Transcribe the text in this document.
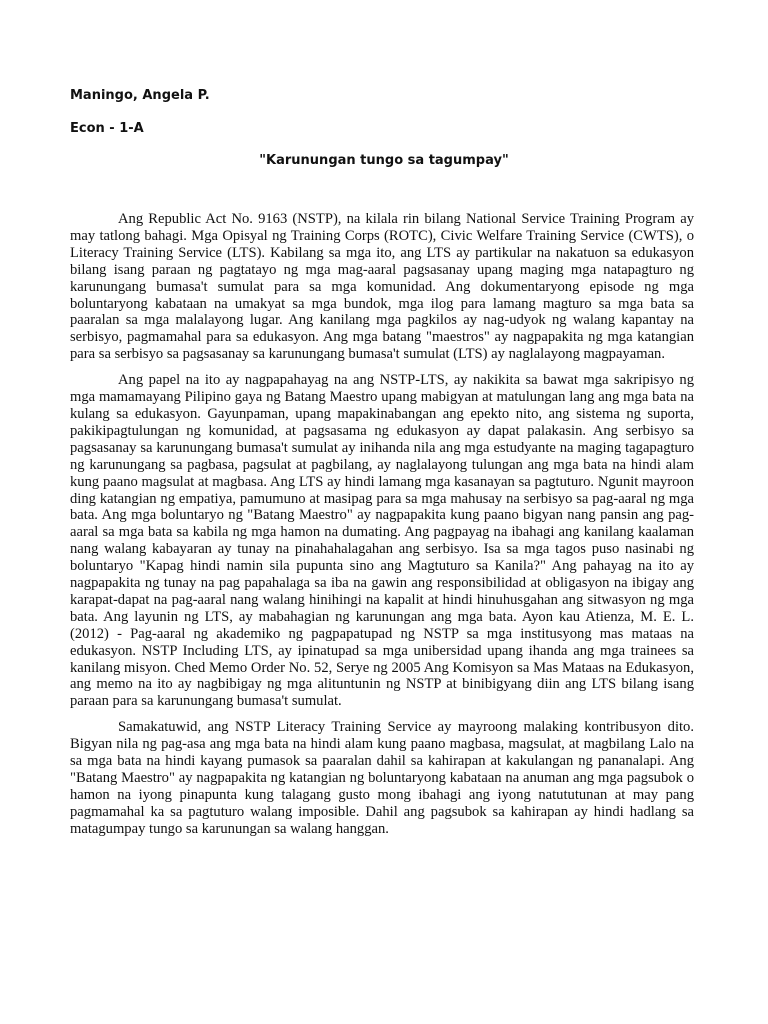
Maningo, Angela P.
Econ - 1-A
"Karunungan tungo sa tagumpay"

Ang Republic Act No. 9163 (NSTP), na kilala rin bilang National Service Training Program ay may tatlong bahagi. Mga Opisyal ng Training Corps (ROTC), Civic Welfare Training Service (CWTS), o Literacy Training Service (LTS). Kabilang sa mga ito, ang LTS ay partikular na nakatuon sa edukasyon bilang isang paraan ng pagtatayo ng mga mag-aaral pagsasanay upang maging mga natapagturo ng karunungang bumasa't sumulat para sa mga komunidad. Ang dokumentaryong episode ng mga boluntaryong kabataan na umakyat sa mga bundok, mga ilog para lamang magturo sa mga bata sa paaralan sa mga malalayong lugar. Ang kanilang mga pagkilos ay nag-udyok ng walang kapantay na serbisyo, pagmamahal para sa edukasyon. Ang mga batang "maestros" ay nagpapakita ng mga katangian para sa serbisyo sa pagsasanay sa karunungang bumasa't sumulat (LTS) ay naglalayong magpayaman.

Ang papel na ito ay nagpapahayag na ang NSTP-LTS, ay nakikita sa bawat mga sakripisyo ng mga mamamayang Pilipino gaya ng Batang Maestro upang mabigyan at matulungan lang ang mga bata na kulang sa edukasyon. Gayunpaman, upang mapakinabangan ang epekto nito, ang sistema ng suporta, pakikipagtulungan ng komunidad, at pagsasama ng edukasyon ay dapat palakasin. Ang serbisyo sa pagsasanay sa karunungang bumasa't sumulat ay inihanda nila ang mga estudyante na maging tagapagturo ng karunungang sa pagbasa, pagsulat at pagbilang, ay naglalayong tulungan ang mga bata na hindi alam kung paano magsulat at magbasa. Ang LTS ay hindi lamang mga kasanayan sa pagtuturo. Ngunit mayroon ding katangian ng empatiya, pamumuno at masipag para sa mga mahusay na serbisyo sa pag-aaral ng mga bata. Ang mga boluntaryo ng "Batang Maestro" ay nagpapakita kung paano bigyan nang pansin ang pag-aaral sa mga bata sa kabila ng mga hamon na dumating. Ang pagpayag na ibahagi ang kanilang kaalaman nang walang kabayaran ay tunay na pinahahalagahan ang serbisyo. Isa sa mga tagos puso nasinabi ng boluntaryo "Kapag hindi namin sila pupunta sino ang Magtuturo sa Kanila?" Ang pahayag na ito ay nagpapakita ng tunay na pag papahalaga sa iba na gawin ang responsibilidad at obligasyon na ibigay ang karapat-dapat na pag-aaral nang walang hinihingi na kapalit at hindi hinuhusgahan ang sitwasyon ng mga bata. Ang layunin ng LTS, ay mabahagian ng karunungan ang mga bata. Ayon kau Atienza, M. E. L. (2012) - Pag-aaral ng akademiko ng pagpapatupad ng NSTP sa mga institusyong mas mataas na edukasyon. NSTP Including LTS, ay ipinatupad sa mga unibersidad upang ihanda ang mga trainees sa kanilang misyon. Ched Memo Order No. 52, Serye ng 2005 Ang Komisyon sa Mas Mataas na Edukasyon, ang memo na ito ay nagbibigay ng mga alituntunin ng NSTP at binibigyang diin ang LTS bilang isang paraan para sa karunungang bumasa't sumulat.

Samakatuwid, ang NSTP Literacy Training Service ay mayroong malaking kontribusyon dito. Bigyan nila ng pag-asa ang mga bata na hindi alam kung paano magbasa, magsulat, at magbilang Lalo na sa mga bata na hindi kayang pumasok sa paaralan dahil sa kahirapan at kakulangan ng pananalapi. Ang "Batang Maestro" ay nagpapakita ng katangian ng boluntaryong kabataan na anuman ang mga pagsubok o hamon na iyong pinapunta kung talagang gusto mong ibahagi ang iyong natututunan at may pang pagmamahal ka sa pagtuturo walang imposible. Dahil ang pagsubok sa kahirapan ay hindi hadlang sa matagumpay tungo sa karunungan sa walang hanggan.
